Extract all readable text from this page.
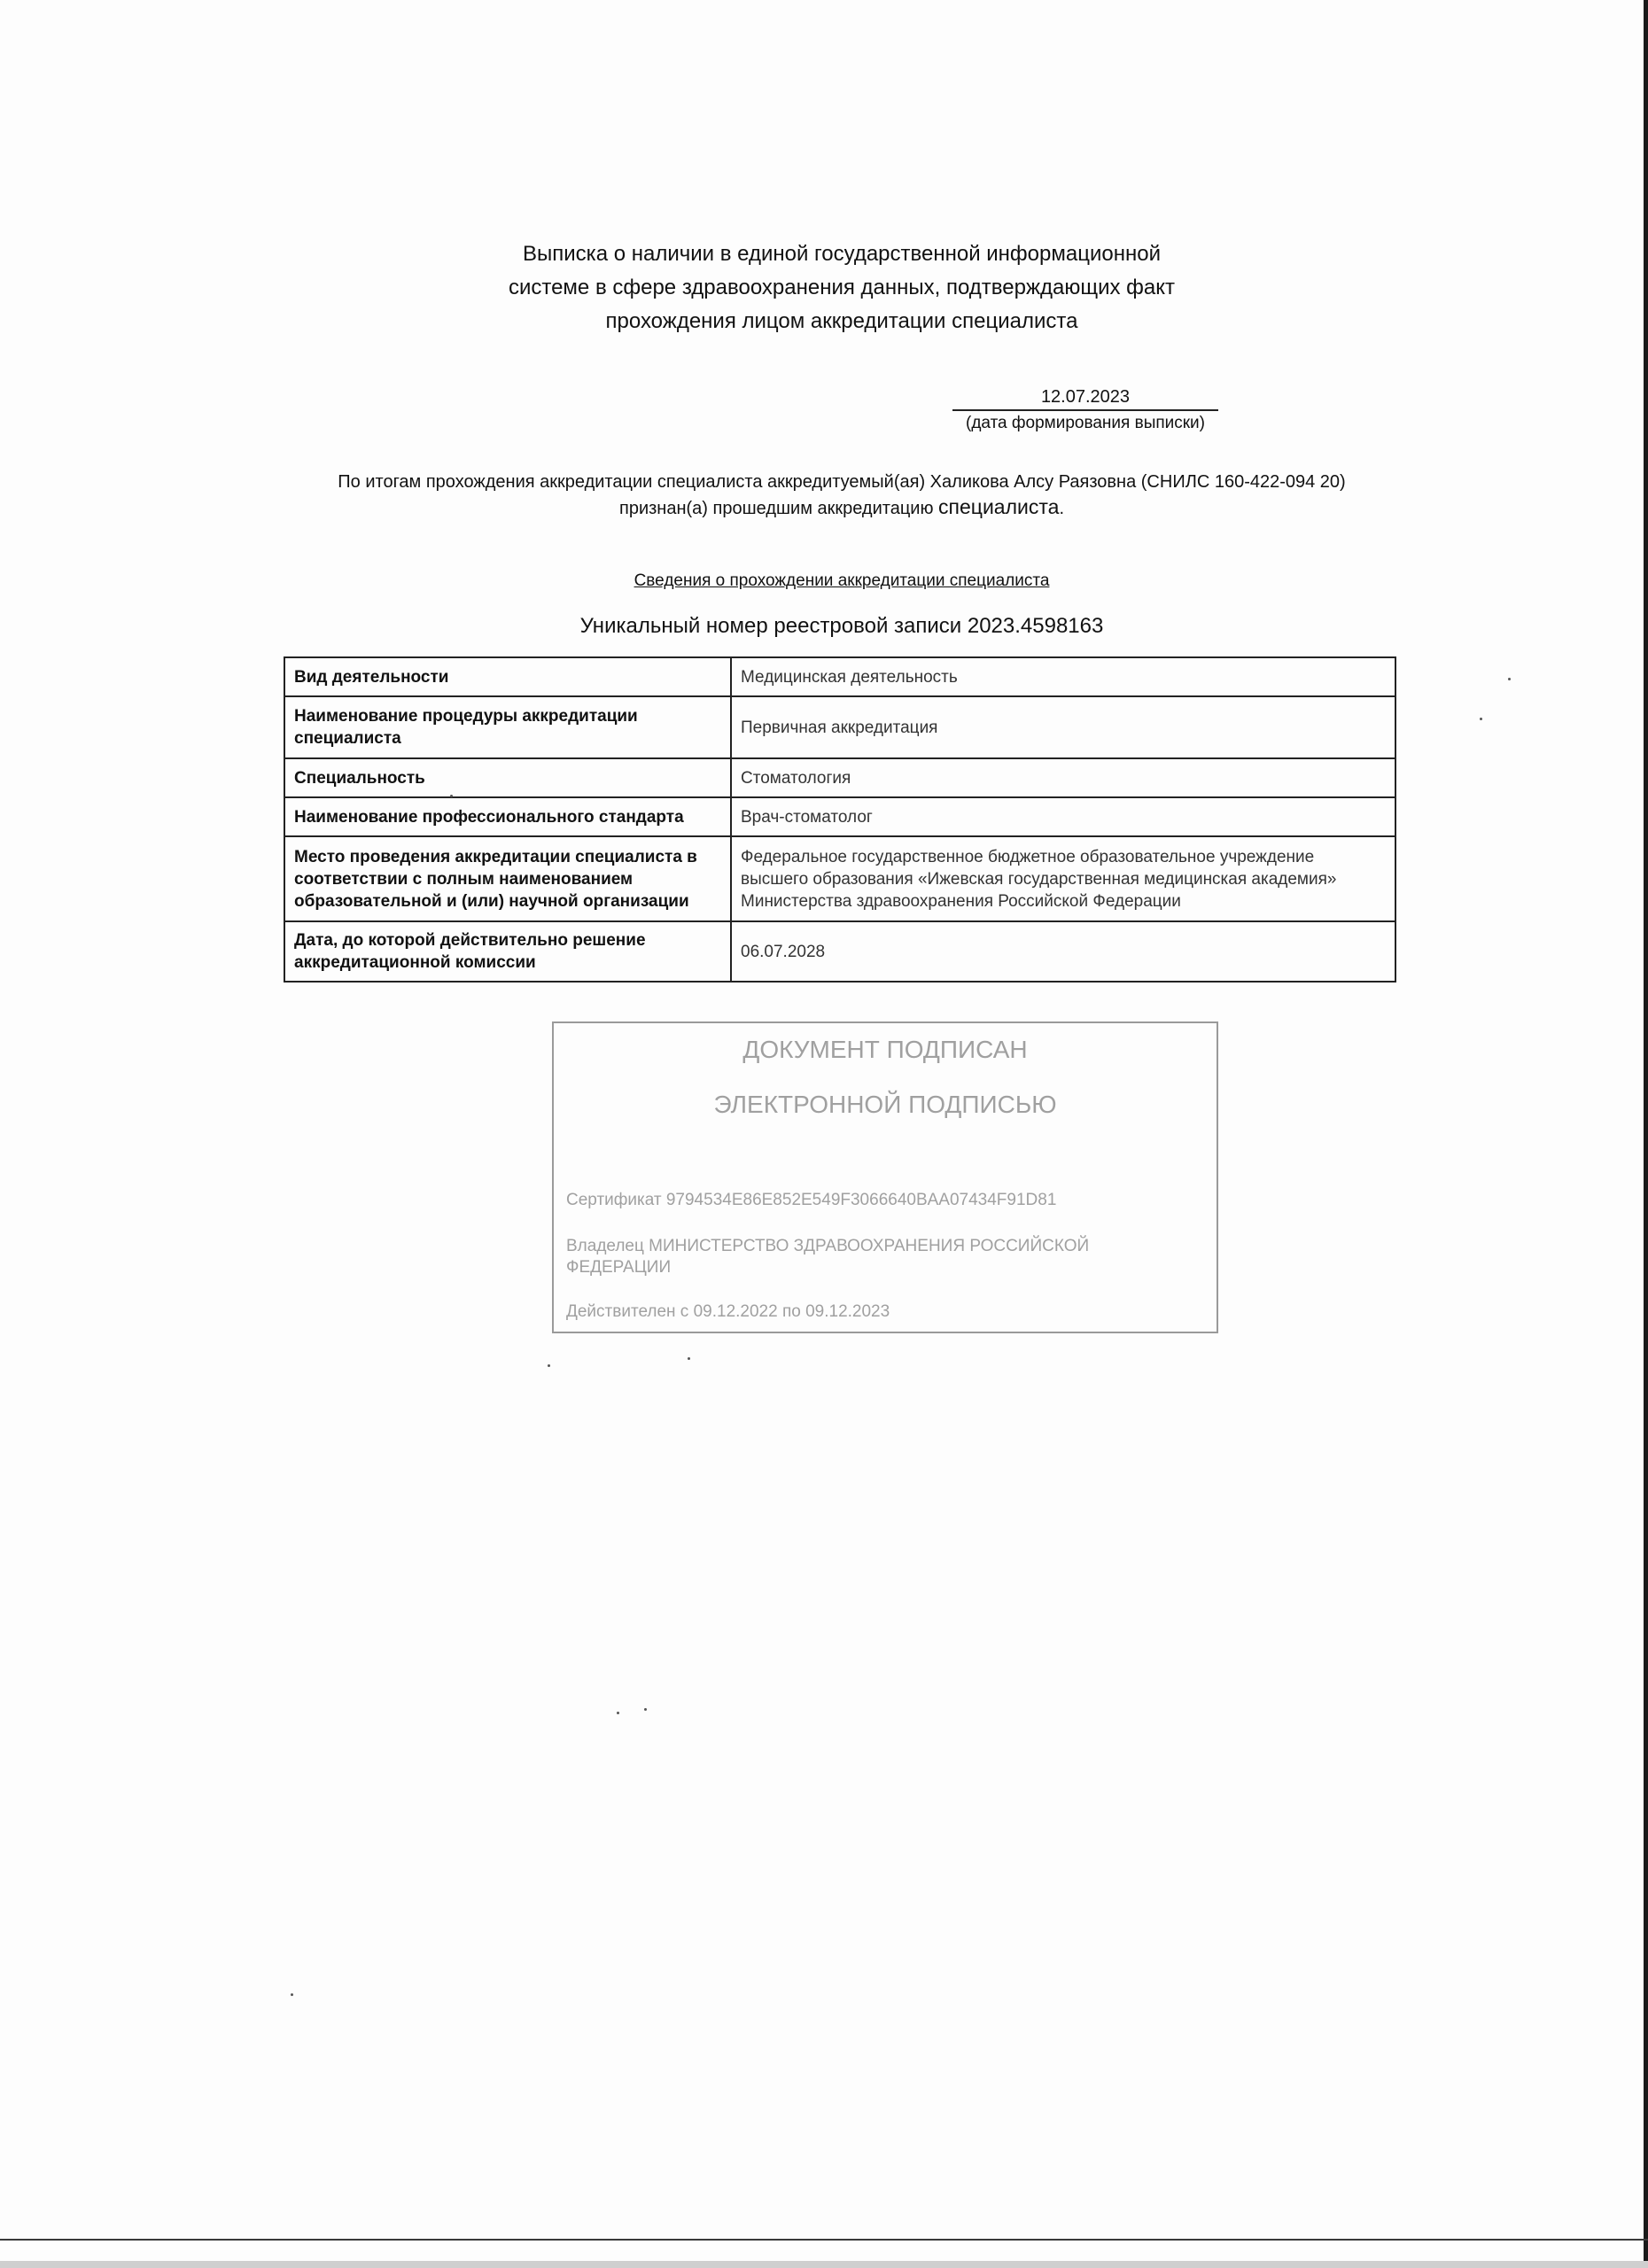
Выписка о наличии в единой государственной информационной
системе в сфере здравоохранения данных, подтверждающих факт
прохождения лицом аккредитации специалиста
12.07.2023
(дата формирования выписки)
По итогам прохождения аккредитации специалиста аккредитуемый(ая) Халикова Алсу Раязовна (СНИЛС 160-422-094 20)
признан(а) прошедшим аккредитацию специалиста.
Сведения о прохождении аккредитации специалиста
Уникальный номер реестровой записи 2023.4598163
Вид деятельности	Медицинская деятельность
Наименование процедуры аккредитации специалиста	Первичная аккредитация
Специальность	Стоматология
Наименование профессионального стандарта	Врач-стоматолог
Место проведения аккредитации специалиста в соответствии с полным наименованием образовательной и (или) научной организации	Федеральное государственное бюджетное образовательное учреждение высшего образования «Ижевская государственная медицинская академия» Министерства здравоохранения Российской Федерации
Дата, до которой действительно решение аккредитационной комиссии	06.07.2028
ДОКУМЕНТ ПОДПИСАН
ЭЛЕКТРОННОЙ ПОДПИСЬЮ
Сертификат 9794534E86E852E549F3066640BAA07434F91D81
Владелец МИНИСТЕРСТВО ЗДРАВООХРАНЕНИЯ РОССИЙСКОЙ ФЕДЕРАЦИИ
Действителен с 09.12.2022 по 09.12.2023
